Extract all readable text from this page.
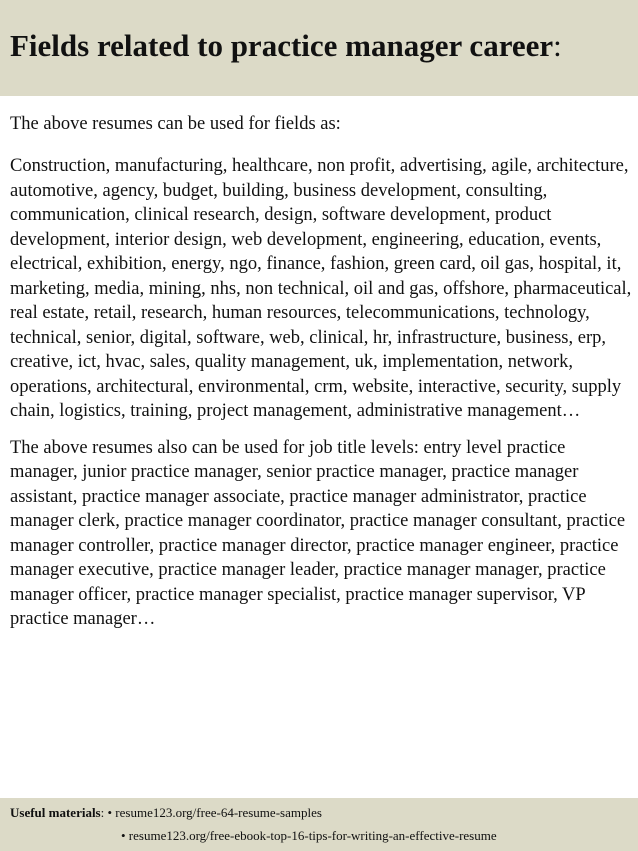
Fields related to practice manager career:

The above resumes can be used for fields as:

Construction, manufacturing, healthcare, non profit, advertising, agile, architecture, automotive, agency, budget, building, business development, consulting, communication, clinical research, design, software development, product development, interior design, web development, engineering, education, events, electrical, exhibition, energy, ngo, finance, fashion, green card, oil gas, hospital, it, marketing, media, mining, nhs, non technical, oil and gas, offshore, pharmaceutical, real estate, retail, research, human resources, telecommunications, technology, technical, senior, digital, software, web, clinical, hr, infrastructure, business, erp, creative, ict, hvac, sales, quality management, uk, implementation, network, operations, architectural, environmental, crm, website, interactive, security, supply chain, logistics, training, project management, administrative management…

The above resumes also can be used for job title levels: entry level practice manager, junior practice manager, senior practice manager, practice manager assistant, practice manager associate, practice manager administrator, practice manager clerk, practice manager coordinator, practice manager consultant, practice manager controller, practice manager director, practice manager engineer, practice manager executive, practice manager leader, practice manager manager, practice manager officer, practice manager specialist, practice manager supervisor, VP practice manager…

Useful materials: • resume123.org/free-64-resume-samples
• resume123.org/free-ebook-top-16-tips-for-writing-an-effective-resume
